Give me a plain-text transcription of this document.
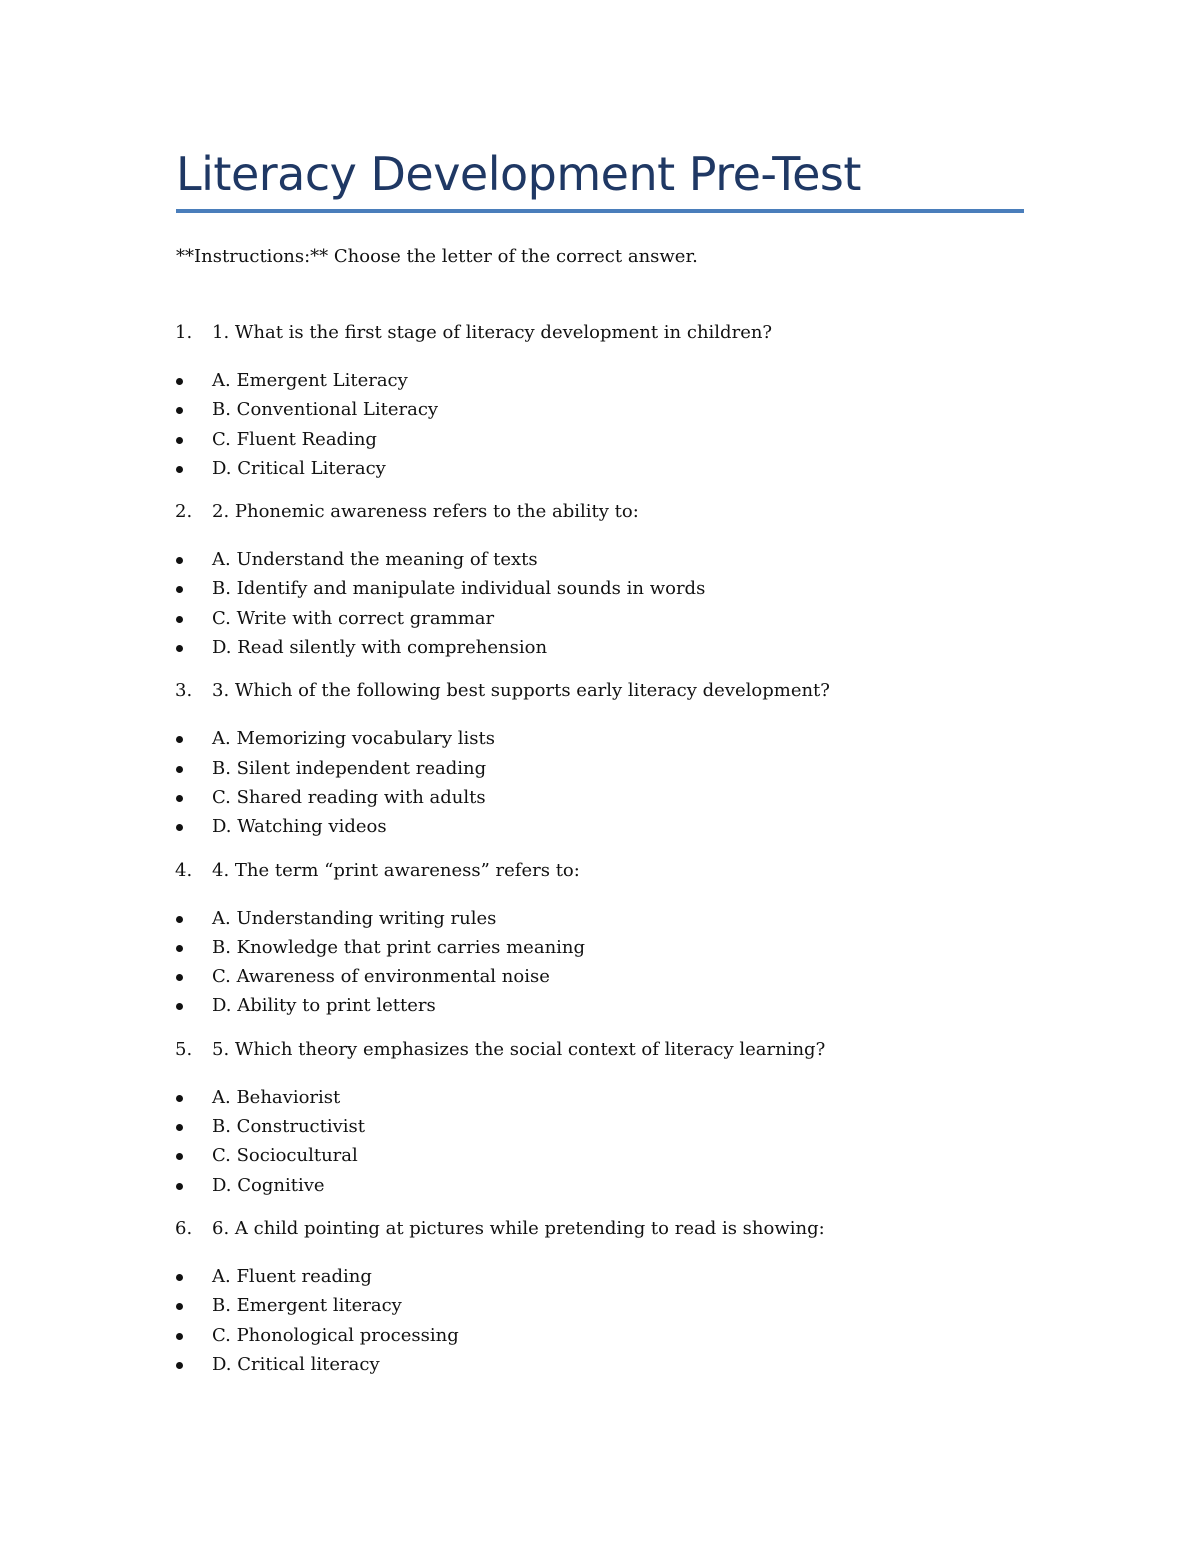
Literacy Development Pre-Test

**Instructions:** Choose the letter of the correct answer.

1. 1. What is the first stage of literacy development in children?
A. Emergent Literacy
B. Conventional Literacy
C. Fluent Reading
D. Critical Literacy
2. 2. Phonemic awareness refers to the ability to:
A. Understand the meaning of texts
B. Identify and manipulate individual sounds in words
C. Write with correct grammar
D. Read silently with comprehension
3. 3. Which of the following best supports early literacy development?
A. Memorizing vocabulary lists
B. Silent independent reading
C. Shared reading with adults
D. Watching videos
4. 4. The term “print awareness” refers to:
A. Understanding writing rules
B. Knowledge that print carries meaning
C. Awareness of environmental noise
D. Ability to print letters
5. 5. Which theory emphasizes the social context of literacy learning?
A. Behaviorist
B. Constructivist
C. Sociocultural
D. Cognitive
6. 6. A child pointing at pictures while pretending to read is showing:
A. Fluent reading
B. Emergent literacy
C. Phonological processing
D. Critical literacy
